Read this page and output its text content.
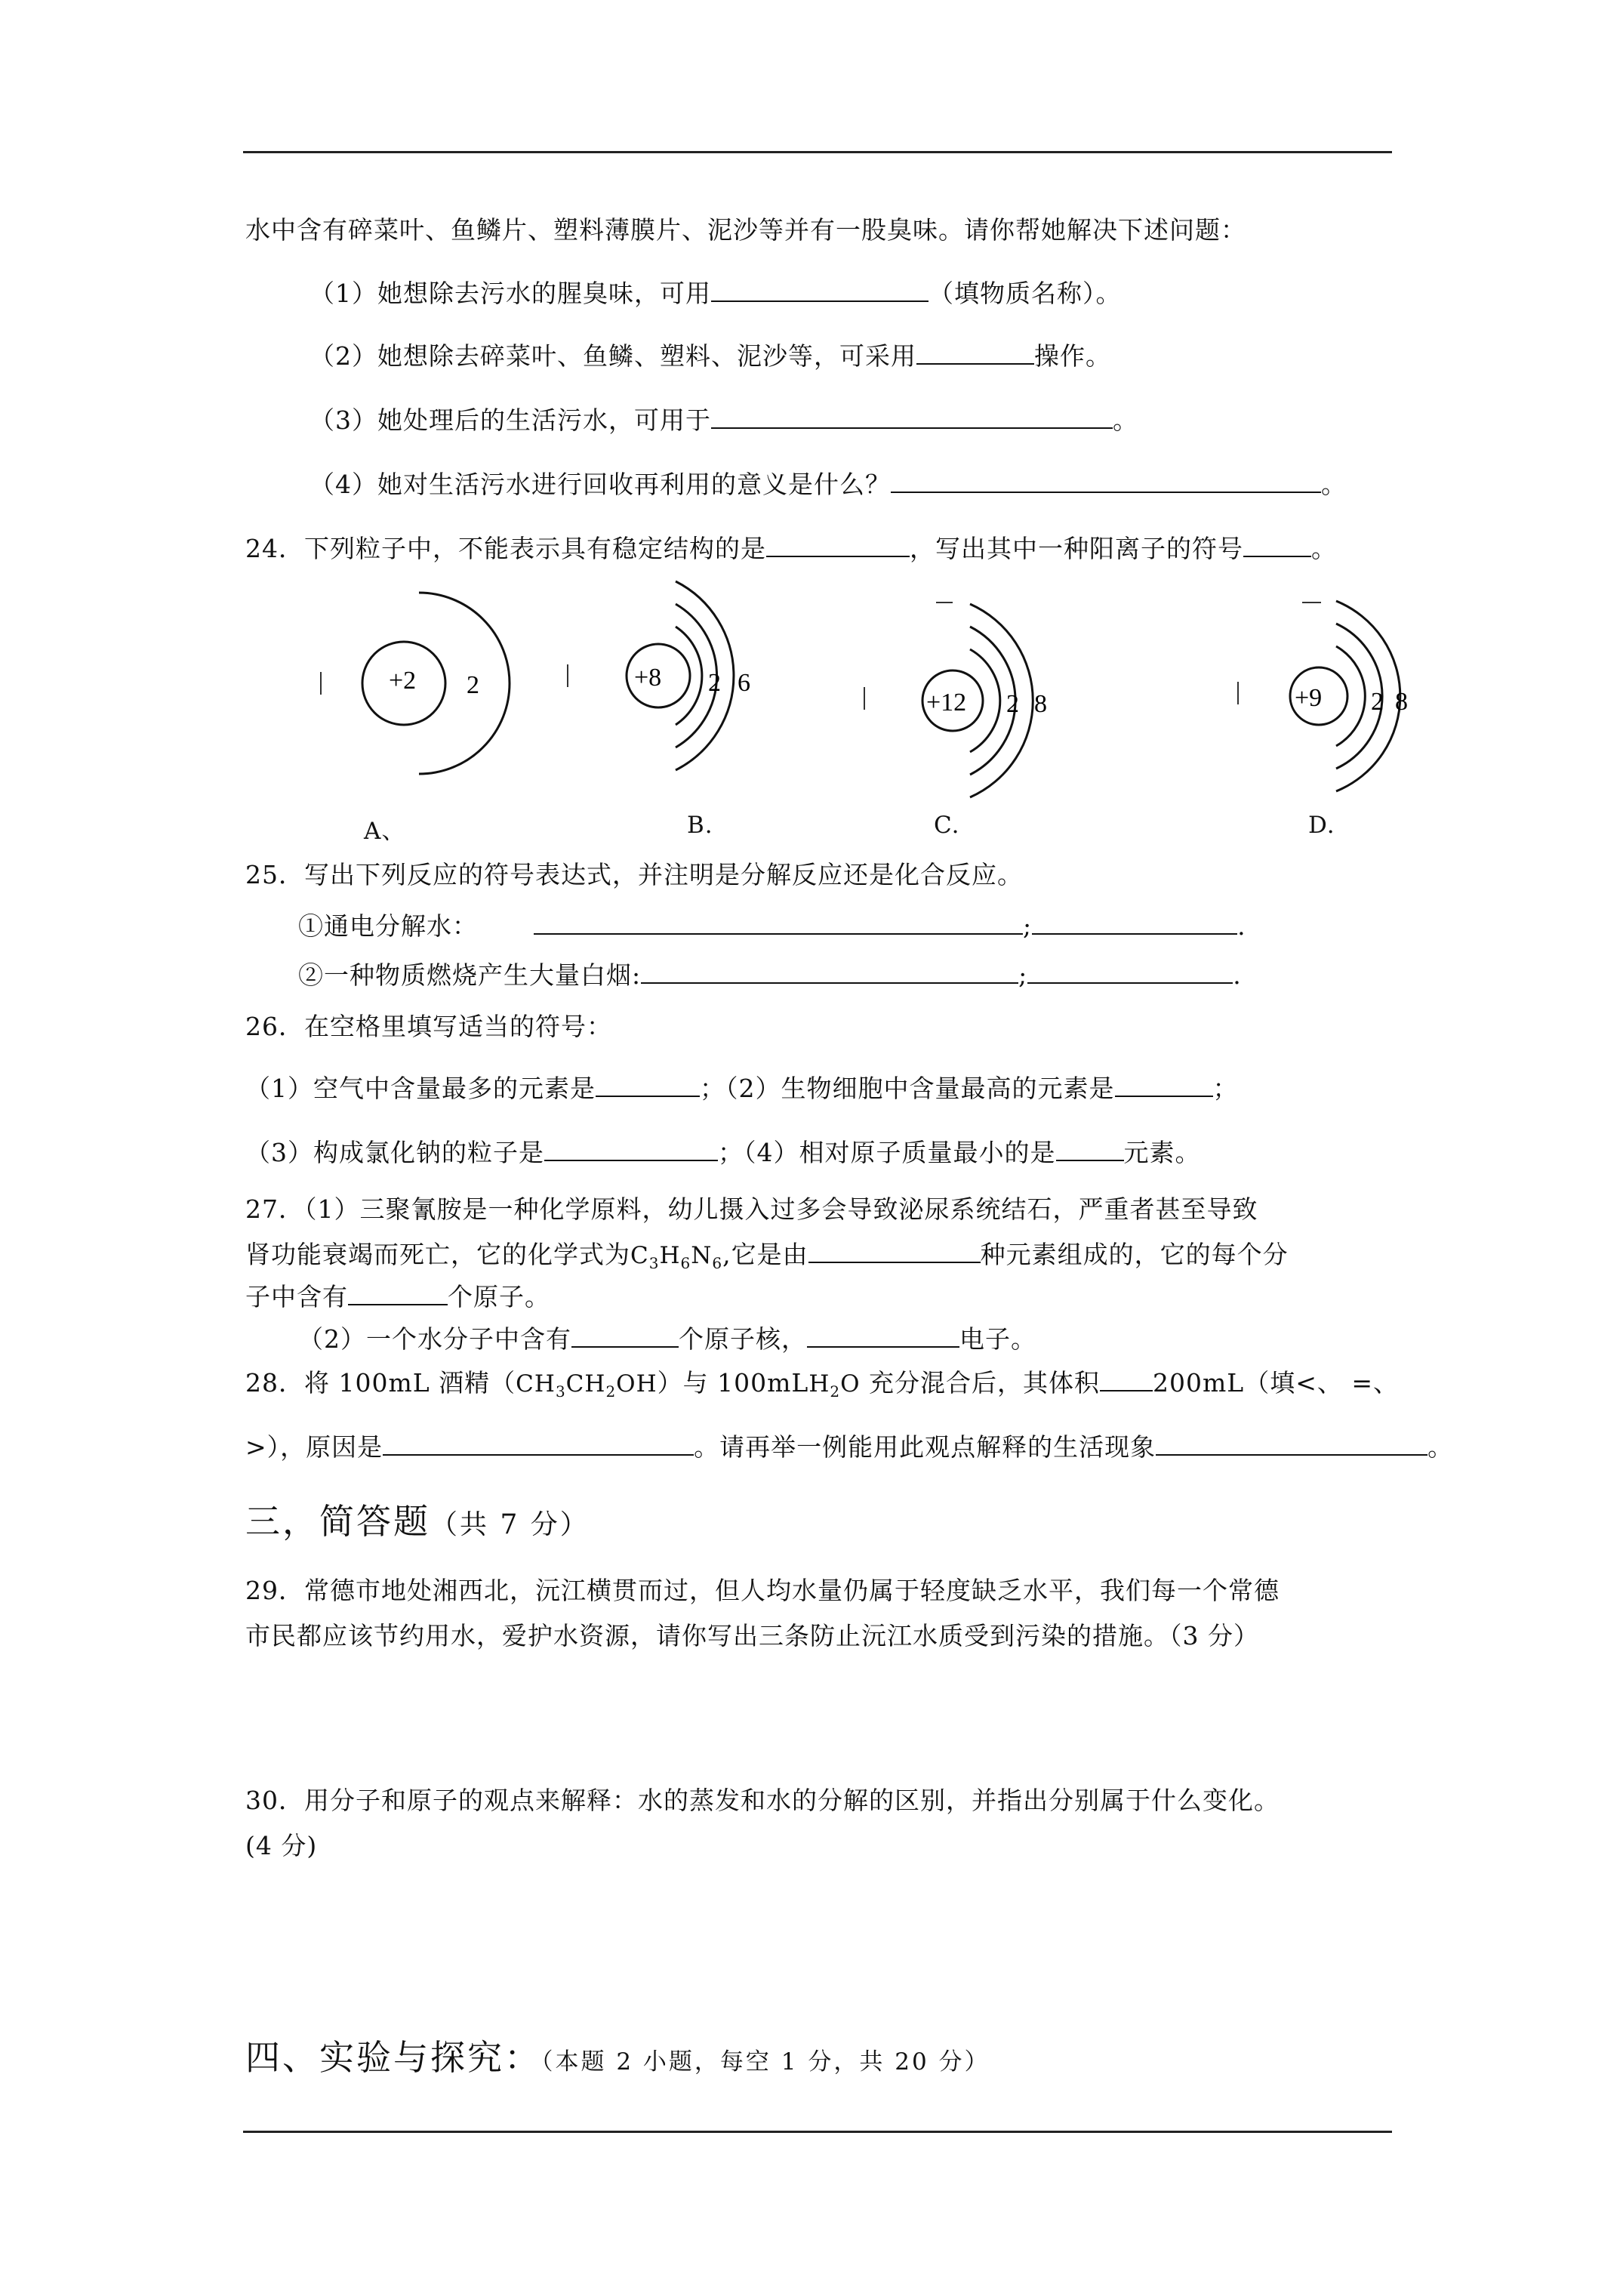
水中含有碎菜叶、鱼鳞片、塑料薄膜片、泥沙等并有一股臭味。请你帮她解决下述问题：
（1）她想除去污水的腥臭味，可用	（填物质名称）。
（2）她想除去碎菜叶、鱼鳞、塑料、泥沙等，可采用	操作。
（3）她处理后的生活污水，可用于	。
（4）她对生活污水进行回收再利用的意义是什么？	。
24．下列粒子中，不能表示具有稳定结构的是	，写出其中一种阳离子的符号	。
+2 2	+8 2 6
+12 2 8	+9 2 8
A、	B.	C.	D.
25．写出下列反应的符号表达式，并注明是分解反应还是化合反应。
①通电分解水：	;	.
②一种物质燃烧产生大量白烟:	;	.
26．在空格里填写适当的符号：
（1）空气中含量最多的元素是	；（2）生物细胞中含量最高的元素是	；
（3）构成氯化钠的粒子是	；（4）相对原子质量最小的是	元素。
27．（1）三聚氰胺是一种化学原料，幼儿摄入过多会导致泌尿系统结石，严重者甚至导致
肾功能衰竭而死亡，它的化学式为$C_3H_6N_6$,它是由	种元素组成的，它的每个分
子中含有	个原子。
（2）一个水分子中含有	个原子核，	电子。
28．将 100mL 酒精$(CH_3CH_2OH)$与 100mLH$_2$O 充分混合后，其体积 200mL（填<、 =、
>），原因是	。请再举一例能用此观点解释的生活现象	。
三，简答题（共 7 分）
29．常德市地处湘西北，沅江横贯而过，但人均水量仍属于轻度缺乏水平，我们每一个常德
市民都应该节约用水，爱护水资源，请你写出三条防止沅江水质受到污染的措施。（3 分）
30．用分子和原子的观点来解释：水的蒸发和水的分解的区别，并指出分别属于什么变化。
(4 分)
四、实验与探究：（本题 2 小题，每空 1 分，共 20 分）
